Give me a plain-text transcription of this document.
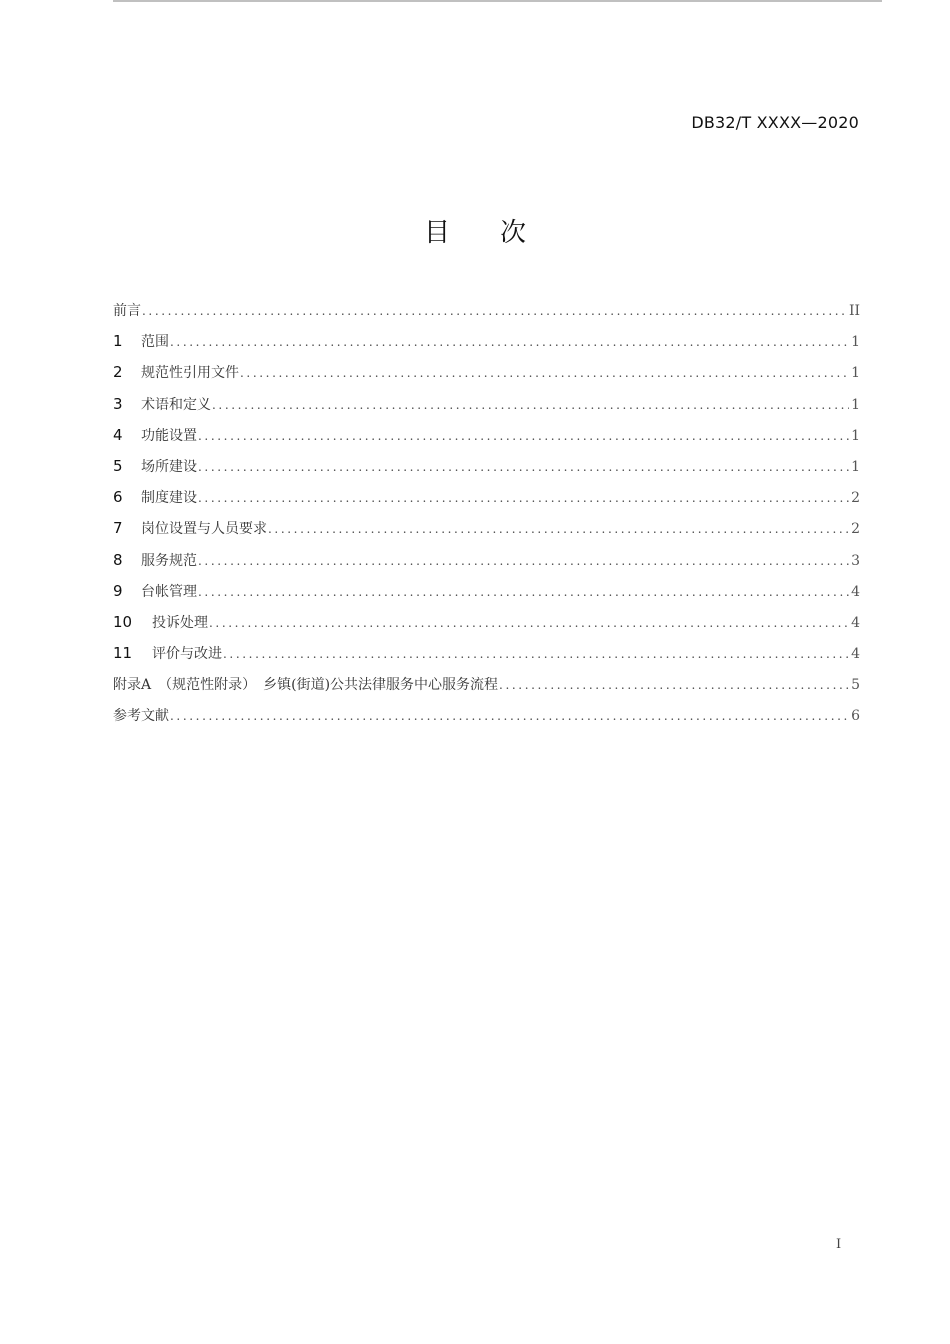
DB32/T XXXX—2020
目 次
前言 .....	II
1	范围 .....	1
2	规范性引用文件 .....	1
3	术语和定义 .....	1
4	功能设置 .....	1
5	场所建设 .....	1
6	制度建设 .....	2
7	岗位设置与人员要求 .....	2
8	服务规范 .....	3
9	台帐管理 .....	4
10	投诉处理 .....	4
11	评价与改进 .....	4
附录A　（规范性附录）　乡镇(街道)公共法律服务中心服务流程 .....	5
参考文献 .....	6
I
